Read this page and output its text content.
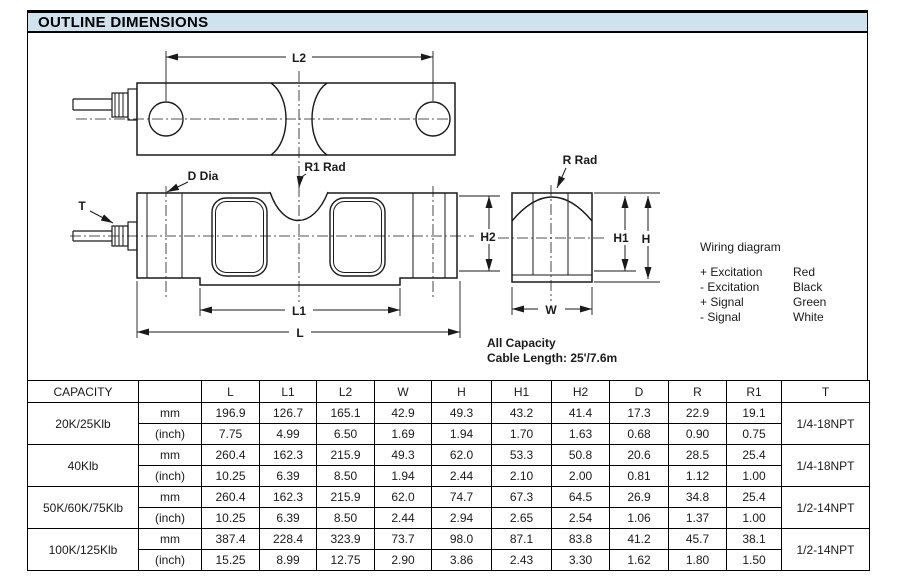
OUTLINE DIMENSIONS
L2
T
D Dia
R1 Rad
L1
L
H2
R Rad
W
H1 H
Wiring diagram
+ Excitation	Red
- Excitation	Black
+ Signal	Green
- Signal	White
All Capacity
Cable Length: 25'/7.6m
CAPACITY		L	L1	L2	W	H	H1	H2	D	R	R1	T
20K/25Klb	mm	196.9	126.7	165.1	42.9	49.3	43.2	41.4	17.3	22.9	19.1	1/4-18NPT
	(inch)	7.75	4.99	6.50	1.69	1.94	1.70	1.63	0.68	0.90	0.75	
40Klb	mm	260.4	162.3	215.9	49.3	62.0	53.3	50.8	20.6	28.5	25.4	1/4-18NPT
	(inch)	10.25	6.39	8.50	1.94	2.44	2.10	2.00	0.81	1.12	1.00	
50K/60K/75Klb	mm	260.4	162.3	215.9	62.0	74.7	67.3	64.5	26.9	34.8	25.4	1/2-14NPT
	(inch)	10.25	6.39	8.50	2.44	2.94	2.65	2.54	1.06	1.37	1.00	
100K/125Klb	mm	387.4	228.4	323.9	73.7	98.0	87.1	83.8	41.2	45.7	38.1	1/2-14NPT
	(inch)	15.25	8.99	12.75	2.90	3.86	2.43	3.30	1.62	1.80	1.50	
